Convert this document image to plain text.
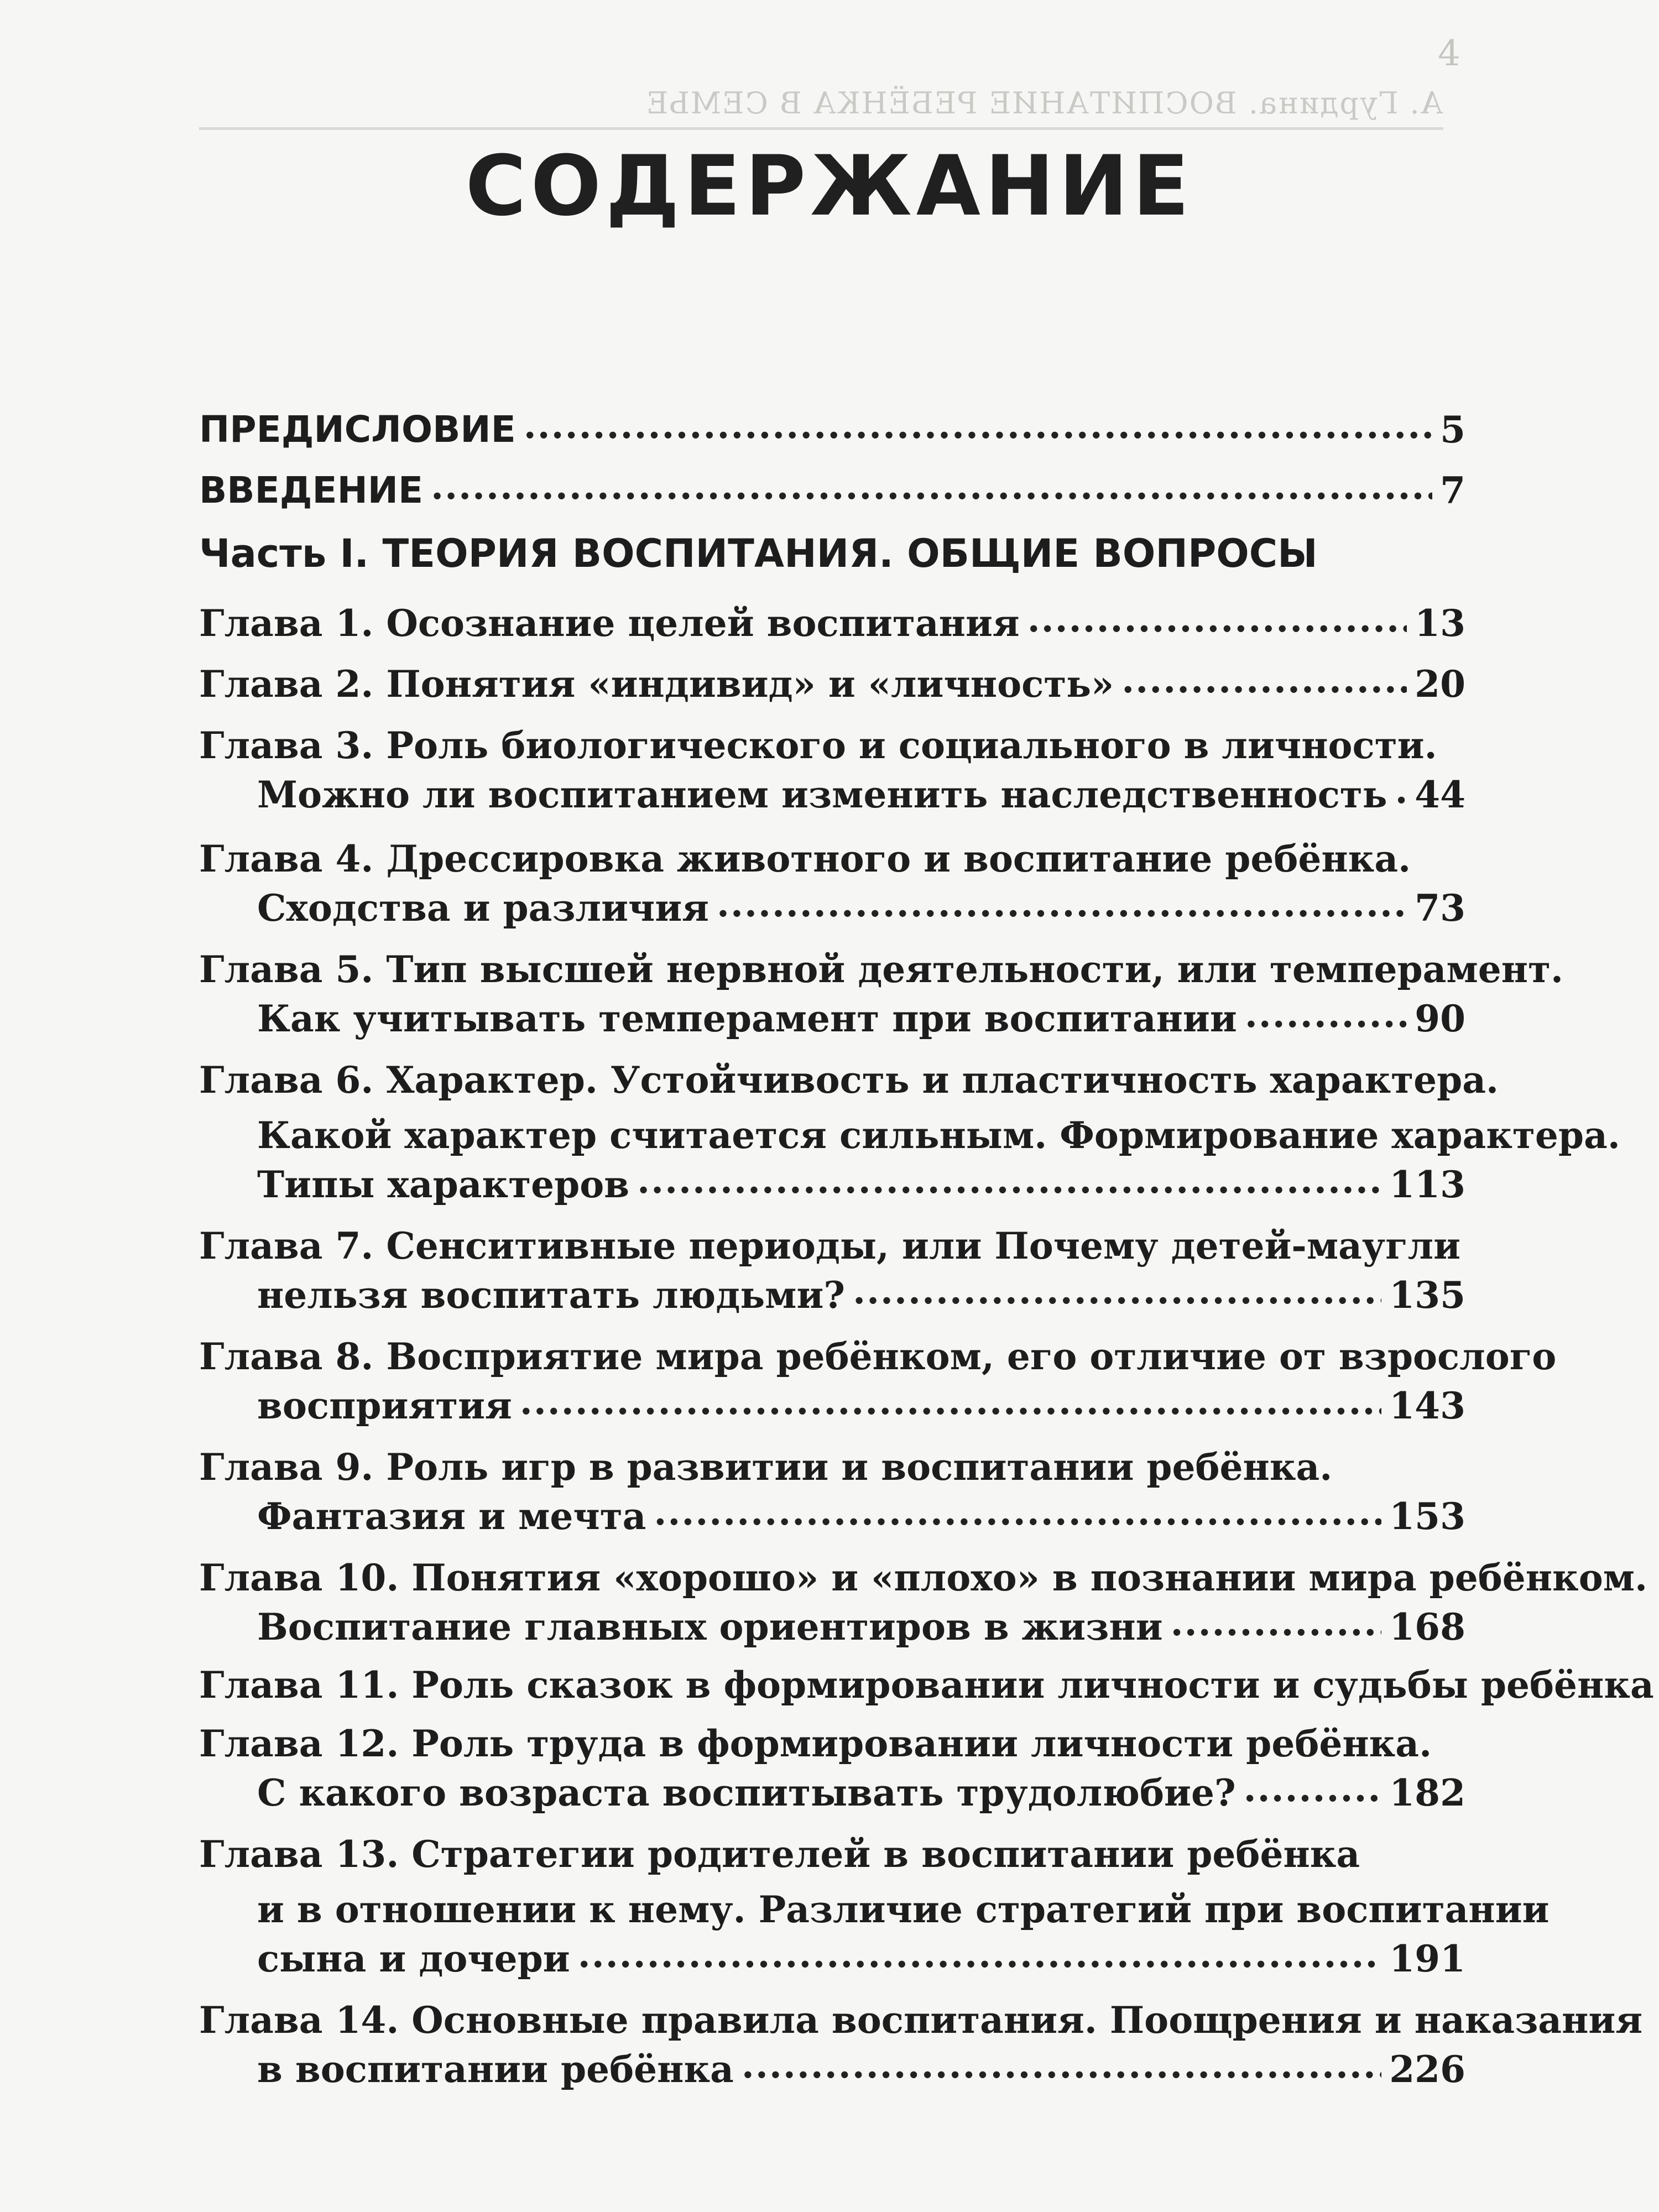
4
А. Гурдина. ВОСПИТАНИЕ РЕБЁНКА В СЕМЬЕ
СОДЕРЖАНИЕ
ПРЕДИСЛОВИЕ .....	5
ВВЕДЕНИЕ .....	7
Часть I. ТЕОРИЯ ВОСПИТАНИЯ. ОБЩИЕ ВОПРОСЫ
Глава 1. Осознание целей воспитания .....	13
Глава 2. Понятия «индивид» и «личность» .....	20
Глава 3. Роль биологического и социального в личности.
Можно ли воспитанием изменить наследственность ..... 44
Глава 4. Дрессировка животного и воспитание ребёнка.
Сходства и различия .....	73
Глава 5. Тип высшей нервной деятельности, или темперамент.
Как учитывать темперамент при воспитании .....	90
Глава 6. Характер. Устойчивость и пластичность характера.
Какой характер считается сильным. Формирование характера.
Типы характеров .....	113
Глава 7. Сенситивные периоды, или Почему детей-маугли
нельзя воспитать людьми? .....	135
Глава 8. Восприятие мира ребёнком, его отличие от взрослого
восприятия .....	143
Глава 9. Роль игр в развитии и воспитании ребёнка.
Фантазия и мечта .....	153
Глава 10. Понятия «хорошо» и «плохо» в познании мира ребёнком.
Воспитание главных ориентиров в жизни .....	168
Глава 11. Роль сказок в формировании личности и судьбы ребёнка
Глава 12. Роль труда в формировании личности ребёнка.
С какого возраста воспитывать трудолюбие? .....	182
Глава 13. Стратегии родителей в воспитании ребёнка
и в отношении к нему. Различие стратегий при воспитании
сына и дочери .....	191
Глава 14. Основные правила воспитания. Поощрения и наказания
в воспитании ребёнка .....	226
